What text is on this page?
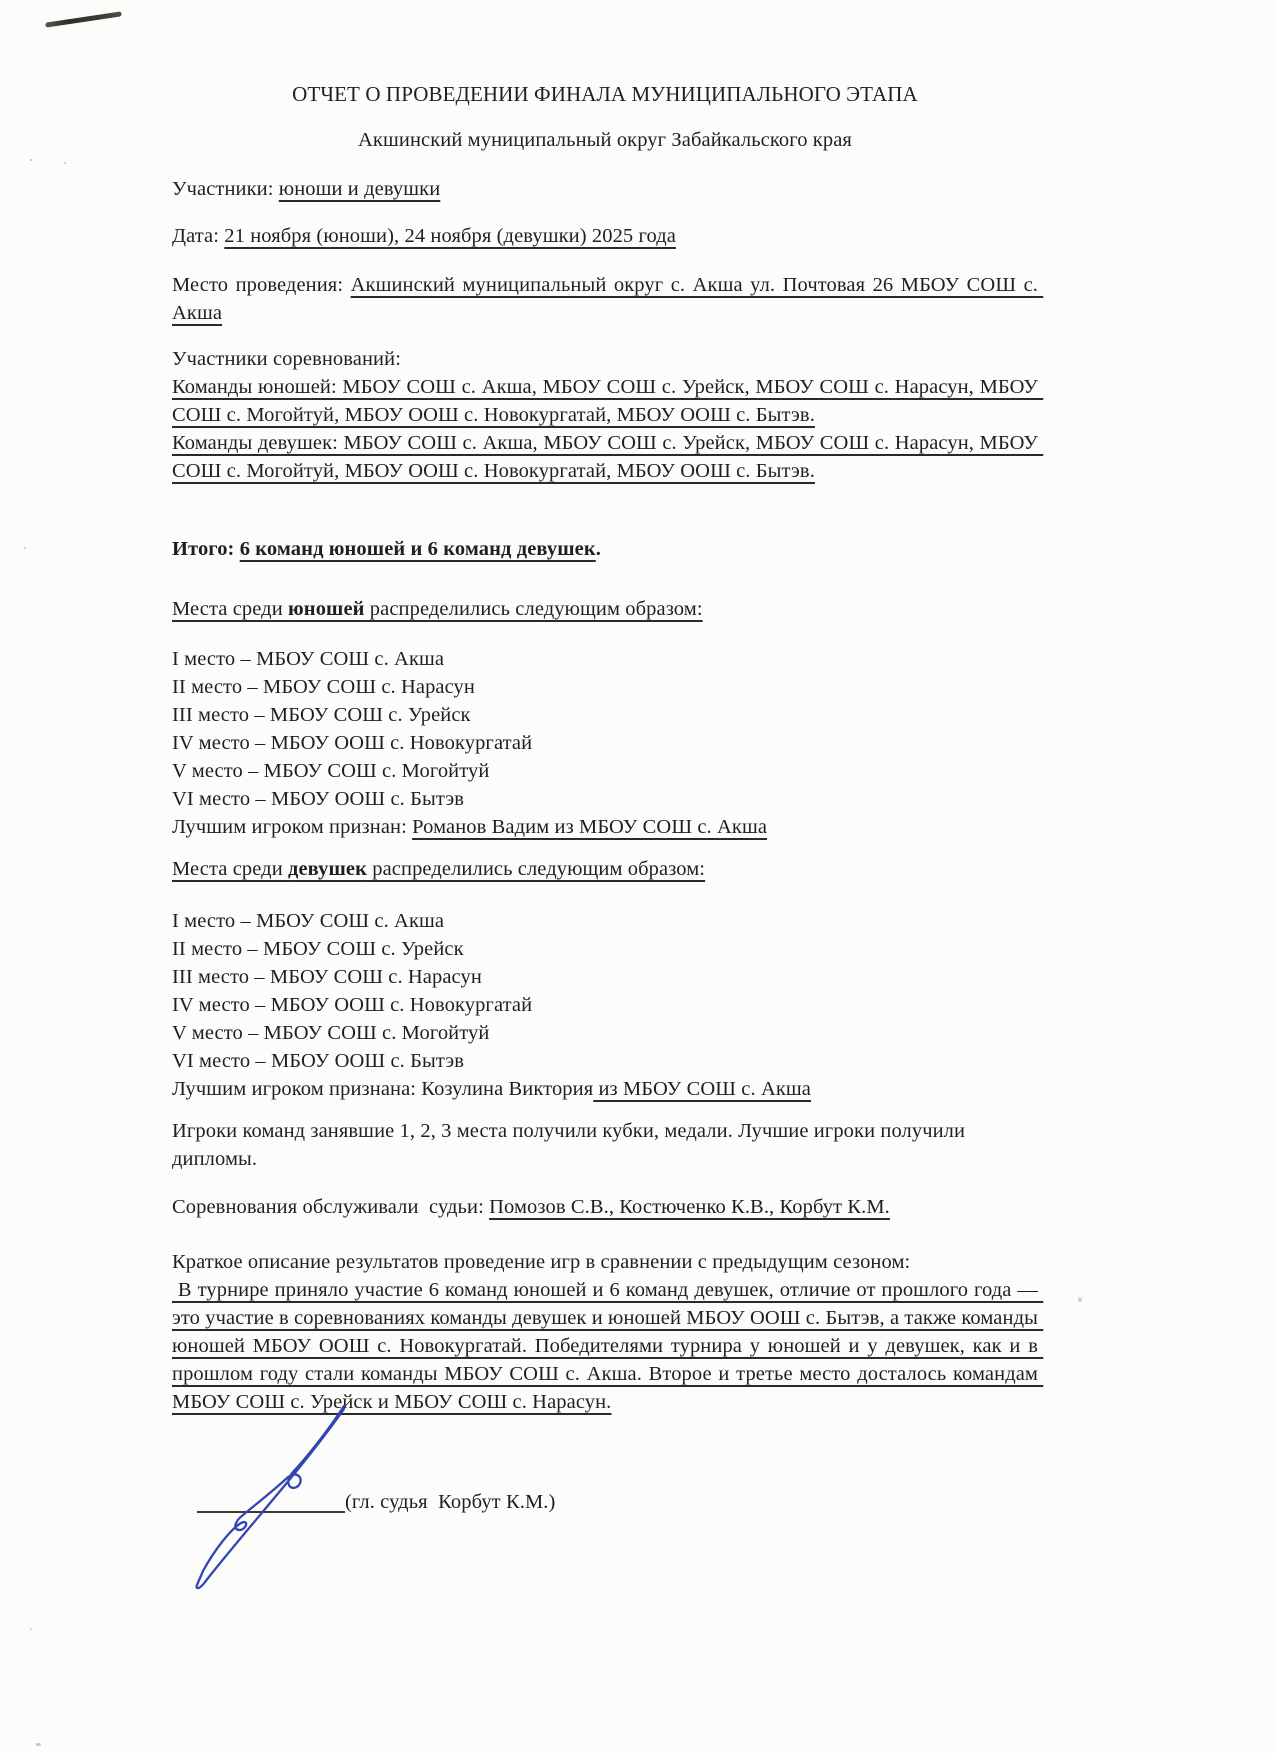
ОТЧЕТ О ПРОВЕДЕНИИ ФИНАЛА МУНИЦИПАЛЬНОГО ЭТАПА
Акшинский муниципальный округ Забайкальского края
Участники: юноши и девушки
Дата: 21 ноября (юноши), 24 ноября (девушки) 2025 года
Место проведения: Акшинский муниципальный округ с. Акша ул. Почтовая 26 МБОУ СОШ с. Акша
Участники соревнований:
Команды юношей: МБОУ СОШ с. Акша, МБОУ СОШ с. Урейск, МБОУ СОШ с. Нарасун, МБОУ СОШ с. Могойтуй, МБОУ ООШ с. Новокургатай, МБОУ ООШ с. Бытэв.
Команды девушек: МБОУ СОШ с. Акша, МБОУ СОШ с. Урейск, МБОУ СОШ с. Нарасун, МБОУ СОШ с. Могойтуй, МБОУ ООШ с. Новокургатай, МБОУ ООШ с. Бытэв.
Итого: 6 команд юношей и 6 команд девушек.
Места среди юношей распределились следующим образом:
I место – МБОУ СОШ с. Акша
II место – МБОУ СОШ с. Нарасун
III место – МБОУ СОШ с. Урейск
IV место – МБОУ ООШ с. Новокургатай
V место – МБОУ СОШ с. Могойтуй
VI место – МБОУ ООШ с. Бытэв
Лучшим игроком признан: Романов Вадим из МБОУ СОШ с. Акша
Места среди девушек распределились следующим образом:
I место – МБОУ СОШ с. Акша
II место – МБОУ СОШ с. Урейск
III место – МБОУ СОШ с. Нарасун
IV место – МБОУ ООШ с. Новокургатай
V место – МБОУ СОШ с. Могойтуй
VI место – МБОУ ООШ с. Бытэв
Лучшим игроком признана: Козулина Виктория из МБОУ СОШ с. Акша
Игроки команд занявшие 1, 2, 3 места получили кубки, медали. Лучшие игроки получили дипломы.
Соревнования обслуживали  судьи: Помозов С.В., Костюченко К.В., Корбут К.М.
Краткое описание результатов проведение игр в сравнении с предыдущим сезоном:
В турнире приняло участие 6 команд юношей и 6 команд девушек, отличие от прошлого года — это участие в соревнованиях команды девушек и юношей МБОУ ООШ с. Бытэв, а также команды юношей МБОУ ООШ с. Новокургатай. Победителями турнира у юношей и у девушек, как и в прошлом году стали команды МБОУ СОШ с. Акша. Второе и третье место досталось командам МБОУ СОШ с. Урейск и МБОУ СОШ с. Нарасун.
(гл. судья  Корбут К.М.)
